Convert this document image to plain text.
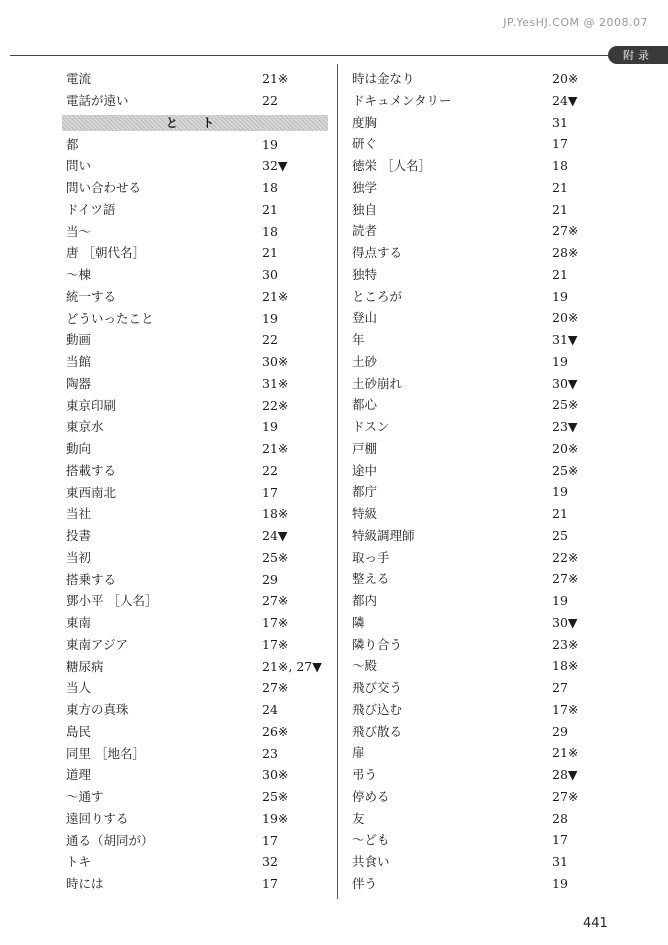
JP.YesHJ.COM @ 2008.07
附录
電流	21※
電話が遠い	22
と ト
都	19
問い	32▼
問い合わせる	18
ドイツ語	21
当～	18
唐 ［朝代名］	21
～棟	30
統一する	21※
どういったこと	19
動画	22
当館	30※
陶器	31※
東京印刷	22※
東京水	19
動向	21※
搭載する	22
東西南北	17
当社	18※
投書	24▼
当初	25※
搭乗する	29
鄧小平 ［人名］	27※
東南	17※
東南アジア	17※
糖尿病	21※, 27▼
当人	27※
東方の真珠	24
島民	26※
同里 ［地名］	23
道理	30※
～通す	25※
遠回りする	19※
通る（胡同が）	17
トキ	32
時には	17
時は金なり	20※
ドキュメンタリー	24▼
度胸	31
研ぐ	17
徳栄 ［人名］	18
独学	21
独自	21
読者	27※
得点する	28※
独特	21
ところが	19
登山	20※
年	31▼
土砂	19
土砂崩れ	30▼
都心	25※
ドスン	23▼
戸棚	20※
途中	25※
都庁	19
特級	21
特級調理師	25
取っ手	22※
整える	27※
都内	19
隣	30▼
隣り合う	23※
～殿	18※
飛び交う	27
飛び込む	17※
飛び散る	29
扉	21※
弔う	28▼
停める	27※
友	28
～ども	17
共食い	31
伴う	19
441
